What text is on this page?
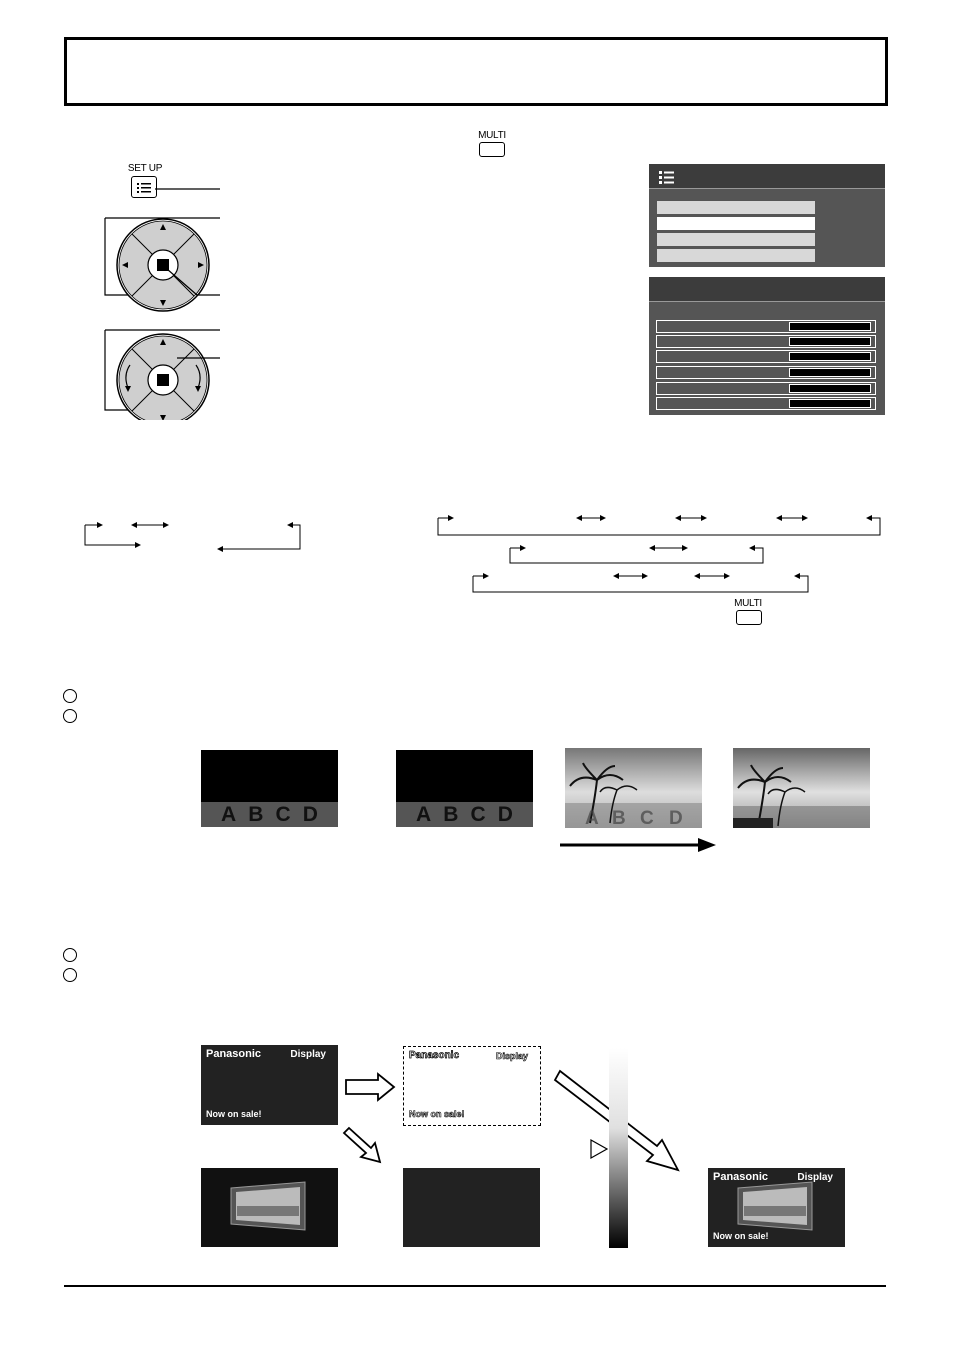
MULTI
SET UP
MULTI
A B C D	A B C D	A B C D
Panasonic	Display
Now on sale!
Panasonic	Display
Now on sale!
Panasonic	Display
Now on sale!
